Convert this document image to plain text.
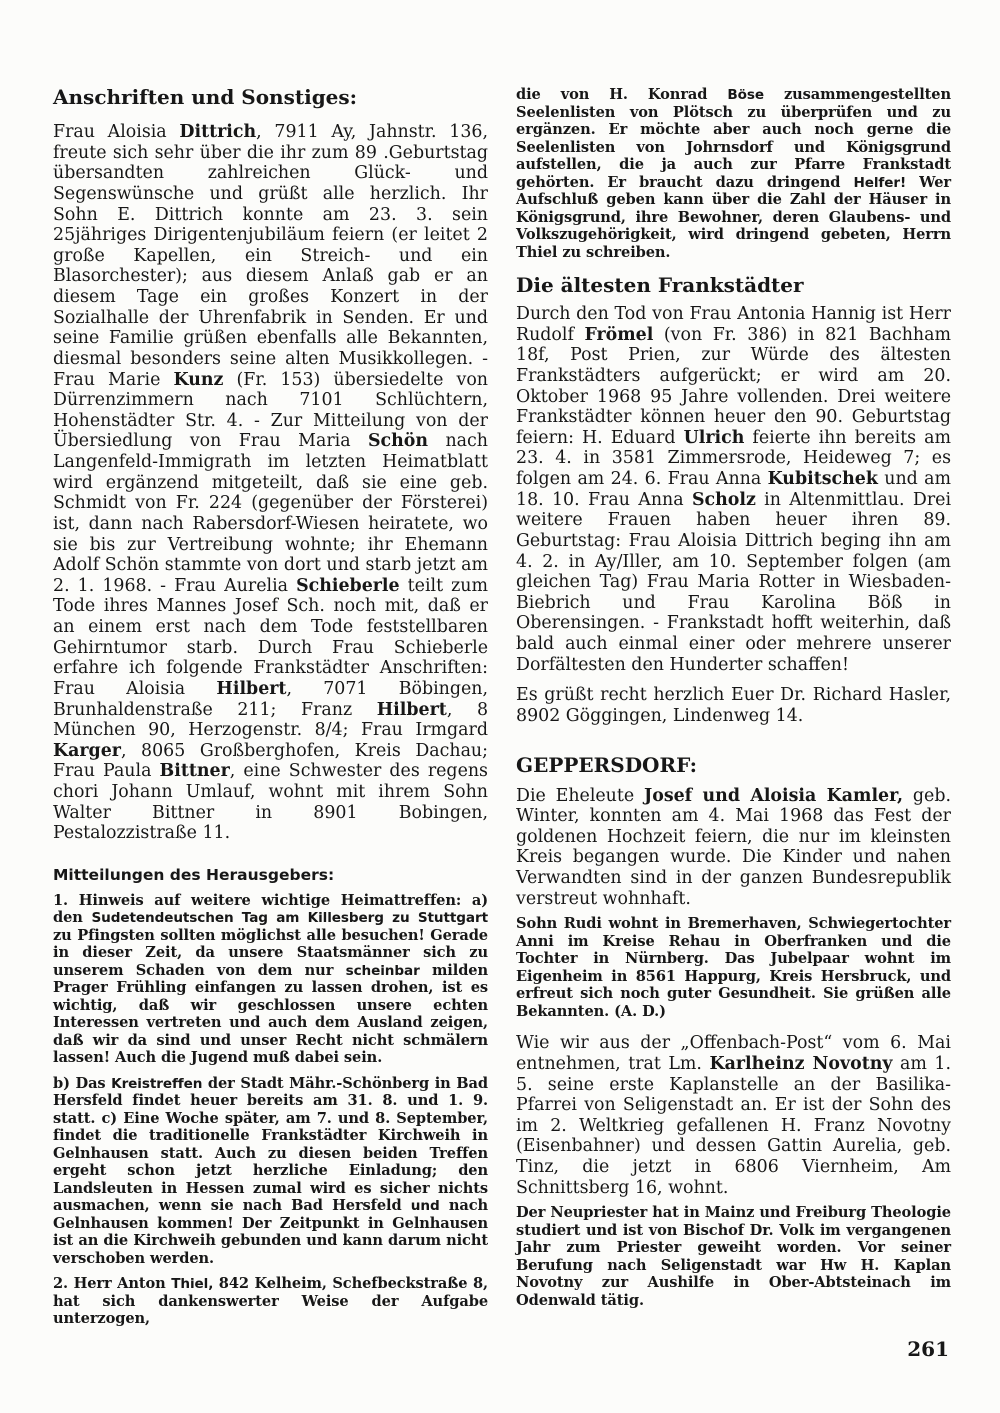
Anschriften und Sonstiges:

Frau Aloisia Dittrich, 7911 Ay, Jahnstr. 136, freute sich sehr über die ihr zum 89 .Geburtstag übersandten zahlreichen Glück- und Segenswünsche und grüßt alle herzlich. Ihr Sohn E. Dittrich konnte am 23. 3. sein 25jähriges Dirigentenjubiläum feiern (er leitet 2 große Kapellen, ein Streich- und ein Blasorchester); aus diesem Anlaß gab er an diesem Tage ein großes Konzert in der Sozialhalle der Uhrenfabrik in Senden. Er und seine Familie grüßen ebenfalls alle Bekannten, diesmal besonders seine alten Musikkollegen. - Frau Marie Kunz (Fr. 153) übersiedelte von Dürrenzimmern nach 7101 Schlüchtern, Hohenstädter Str. 4. - Zur Mitteilung von der Übersiedlung von Frau Maria Schön nach Langenfeld-Immigrath im letzten Heimatblatt wird ergänzend mitgeteilt, daß sie eine geb. Schmidt von Fr. 224 (gegenüber der Försterei) ist, dann nach Rabersdorf-Wiesen heiratete, wo sie bis zur Vertreibung wohnte; ihr Ehemann Adolf Schön stammte von dort und starb jetzt am 2. 1. 1968. - Frau Aurelia Schieberle teilt zum Tode ihres Mannes Josef Sch. noch mit, daß er an einem erst nach dem Tode feststellbaren Gehirntumor starb. Durch Frau Schieberle erfahre ich folgende Frankstädter Anschriften: Frau Aloisia Hilbert, 7071 Böbingen, Brunhaldenstraße 211; Franz Hilbert, 8 München 90, Herzogenstr. 8/4; Frau Irmgard Karger, 8065 Großberghofen, Kreis Dachau; Frau Paula Bittner, eine Schwester des regens chori Johann Umlauf, wohnt mit ihrem Sohn Walter Bittner in 8901 Bobingen, Pestalozzistraße 11.

Mitteilungen des Herausgebers:

1. Hinweis auf weitere wichtige Heimattreffen: a) den Sudetendeutschen Tag am Killesberg zu Stuttgart zu Pfingsten sollten möglichst alle besuchen! Gerade in dieser Zeit, da unsere Staatsmänner sich zu unserem Schaden von dem nur scheinbar milden Prager Frühling einfangen zu lassen drohen, ist es wichtig, daß wir geschlossen unsere echten Interessen vertreten und auch dem Ausland zeigen, daß wir da sind und unser Recht nicht schmälern lassen! Auch die Jugend muß dabei sein.

b) Das Kreistreffen der Stadt Mähr.-Schönberg in Bad Hersfeld findet heuer bereits am 31. 8. und 1. 9. statt. c) Eine Woche später, am 7. und 8. September, findet die traditionelle Frankstädter Kirchweih in Gelnhausen statt. Auch zu diesen beiden Treffen ergeht schon jetzt herzliche Einladung; den Landsleuten in Hessen zumal wird es sicher nichts ausmachen, wenn sie nach Bad Hersfeld und nach Gelnhausen kommen! Der Zeitpunkt in Gelnhausen ist an die Kirchweih gebunden und kann darum nicht verschoben werden.

2. Herr Anton Thiel, 842 Kelheim, Schefbeckstraße 8, hat sich dankenswerter Weise der Aufgabe unterzogen,

die von H. Konrad Böse zusammengestellten Seelenlisten von Plötsch zu überprüfen und zu ergänzen. Er möchte aber auch noch gerne die Seelenlisten von Johrnsdorf und Königsgrund aufstellen, die ja auch zur Pfarre Frankstadt gehörten. Er braucht dazu dringend Helfer! Wer Aufschluß geben kann über die Zahl der Häuser in Königsgrund, ihre Bewohner, deren Glaubens- und Volkszugehörigkeit, wird dringend gebeten, Herrn Thiel zu schreiben.

Die ältesten Frankstädter

Durch den Tod von Frau Antonia Hannig ist Herr Rudolf Frömel (von Fr. 386) in 821 Bachham 18f, Post Prien, zur Würde des ältesten Frankstädters aufgerückt; er wird am 20. Oktober 1968 95 Jahre vollenden. Drei weitere Frankstädter können heuer den 90. Geburtstag feiern: H. Eduard Ulrich feierte ihn bereits am 23. 4. in 3581 Zimmersrode, Heideweg 7; es folgen am 24. 6. Frau Anna Kubitschek und am 18. 10. Frau Anna Scholz in Altenmittlau. Drei weitere Frauen haben heuer ihren 89. Geburtstag: Frau Aloisia Dittrich beging ihn am 4. 2. in Ay/Iller, am 10. September folgen (am gleichen Tag) Frau Maria Rotter in Wiesbaden-Biebrich und Frau Karolina Böß in Oberensingen. - Frankstadt hofft weiterhin, daß bald auch einmal einer oder mehrere unserer Dorfältesten den Hunderter schaffen!

Es grüßt recht herzlich Euer Dr. Richard Hasler, 8902 Göggingen, Lindenweg 14.

GEPPERSDORF:

Die Eheleute Josef und Aloisia Kamler, geb. Winter, konnten am 4. Mai 1968 das Fest der goldenen Hochzeit feiern, die nur im kleinsten Kreis begangen wurde. Die Kinder und nahen Verwandten sind in der ganzen Bundesrepublik verstreut wohnhaft.

Sohn Rudi wohnt in Bremerhaven, Schwiegertochter Anni im Kreise Rehau in Oberfranken und die Tochter in Nürnberg. Das Jubelpaar wohnt im Eigenheim in 8561 Happurg, Kreis Hersbruck, und erfreut sich noch guter Gesundheit. Sie grüßen alle Bekannten. (A. D.)

Wie wir aus der „Offenbach-Post“ vom 6. Mai entnehmen, trat Lm. Karlheinz Novotny am 1. 5. seine erste Kaplanstelle an der Basilika-Pfarrei von Seligenstadt an. Er ist der Sohn des im 2. Weltkrieg gefallenen H. Franz Novotny (Eisenbahner) und dessen Gattin Aurelia, geb. Tinz, die jetzt in 6806 Viernheim, Am Schnittsberg 16, wohnt.

Der Neupriester hat in Mainz und Freiburg Theologie studiert und ist von Bischof Dr. Volk im vergangenen Jahr zum Priester geweiht worden. Vor seiner Berufung nach Seligenstadt war Hw H. Kaplan Novotny zur Aushilfe in Ober-Abtsteinach im Odenwald tätig.

261
